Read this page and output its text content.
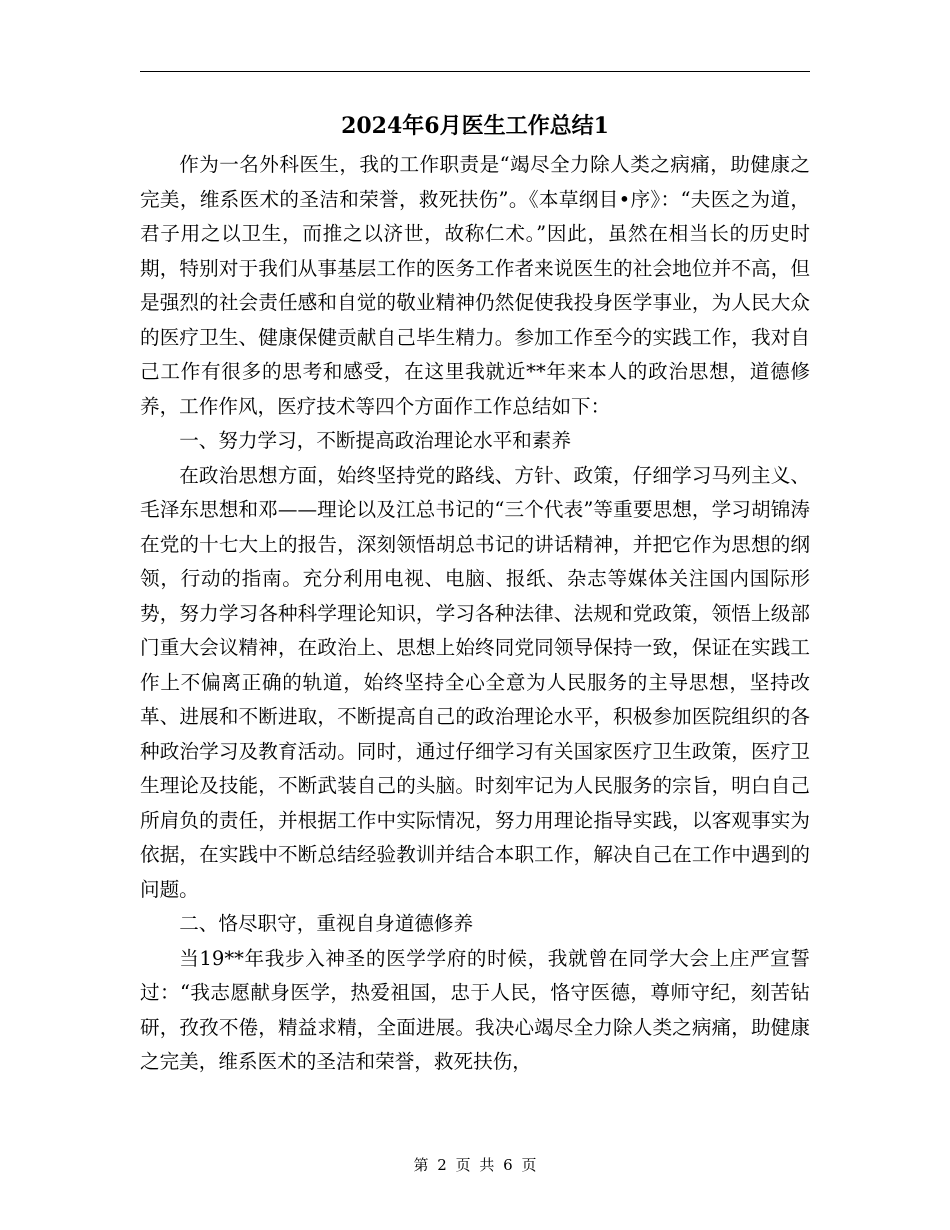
2024年6月医生工作总结1

作为一名外科医生，我的工作职责是“竭尽全力除人类之病痛，助健康之完美，维系医术的圣洁和荣誉，救死扶伤”。《本草纲目•序》：“夫医之为道，君子用之以卫生，而推之以济世，故称仁术。”因此，虽然在相当长的历史时期，特别对于我们从事基层工作的医务工作者来说医生的社会地位并不高，但是强烈的社会责任感和自觉的敬业精神仍然促使我投身医学事业，为人民大众的医疗卫生、健康保健贡献自己毕生精力。参加工作至今的实践工作，我对自己工作有很多的思考和感受，在这里我就近**年来本人的政治思想，道德修养，工作作风，医疗技术等四个方面作工作总结如下：

一、努力学习，不断提高政治理论水平和素养

在政治思想方面，始终坚持党的路线、方针、政策，仔细学习马列主义、毛泽东思想和邓——理论以及江总书记的“三个代表”等重要思想，学习胡锦涛在党的十七大上的报告，深刻领悟胡总书记的讲话精神，并把它作为思想的纲领，行动的指南。充分利用电视、电脑、报纸、杂志等媒体关注国内国际形势，努力学习各种科学理论知识，学习各种法律、法规和党政策，领悟上级部门重大会议精神，在政治上、思想上始终同党同领导保持一致，保证在实践工作上不偏离正确的轨道，始终坚持全心全意为人民服务的主导思想，坚持改革、进展和不断进取，不断提高自己的政治理论水平，积极参加医院组织的各种政治学习及教育活动。同时，通过仔细学习有关国家医疗卫生政策，医疗卫生理论及技能，不断武装自己的头脑。时刻牢记为人民服务的宗旨，明白自己所肩负的责任，并根据工作中实际情况，努力用理论指导实践，以客观事实为依据，在实践中不断总结经验教训并结合本职工作，解决自己在工作中遇到的问题。

二、恪尽职守，重视自身道德修养

当19**年我步入神圣的医学学府的时候，我就曾在同学大会上庄严宣誓过：“我志愿献身医学，热爱祖国，忠于人民，恪守医德，尊师守纪，刻苦钻研，孜孜不倦，精益求精，全面进展。我决心竭尽全力除人类之病痛，助健康之完美，维系医术的圣洁和荣誉，救死扶伤，

第 2 页 共 6 页
